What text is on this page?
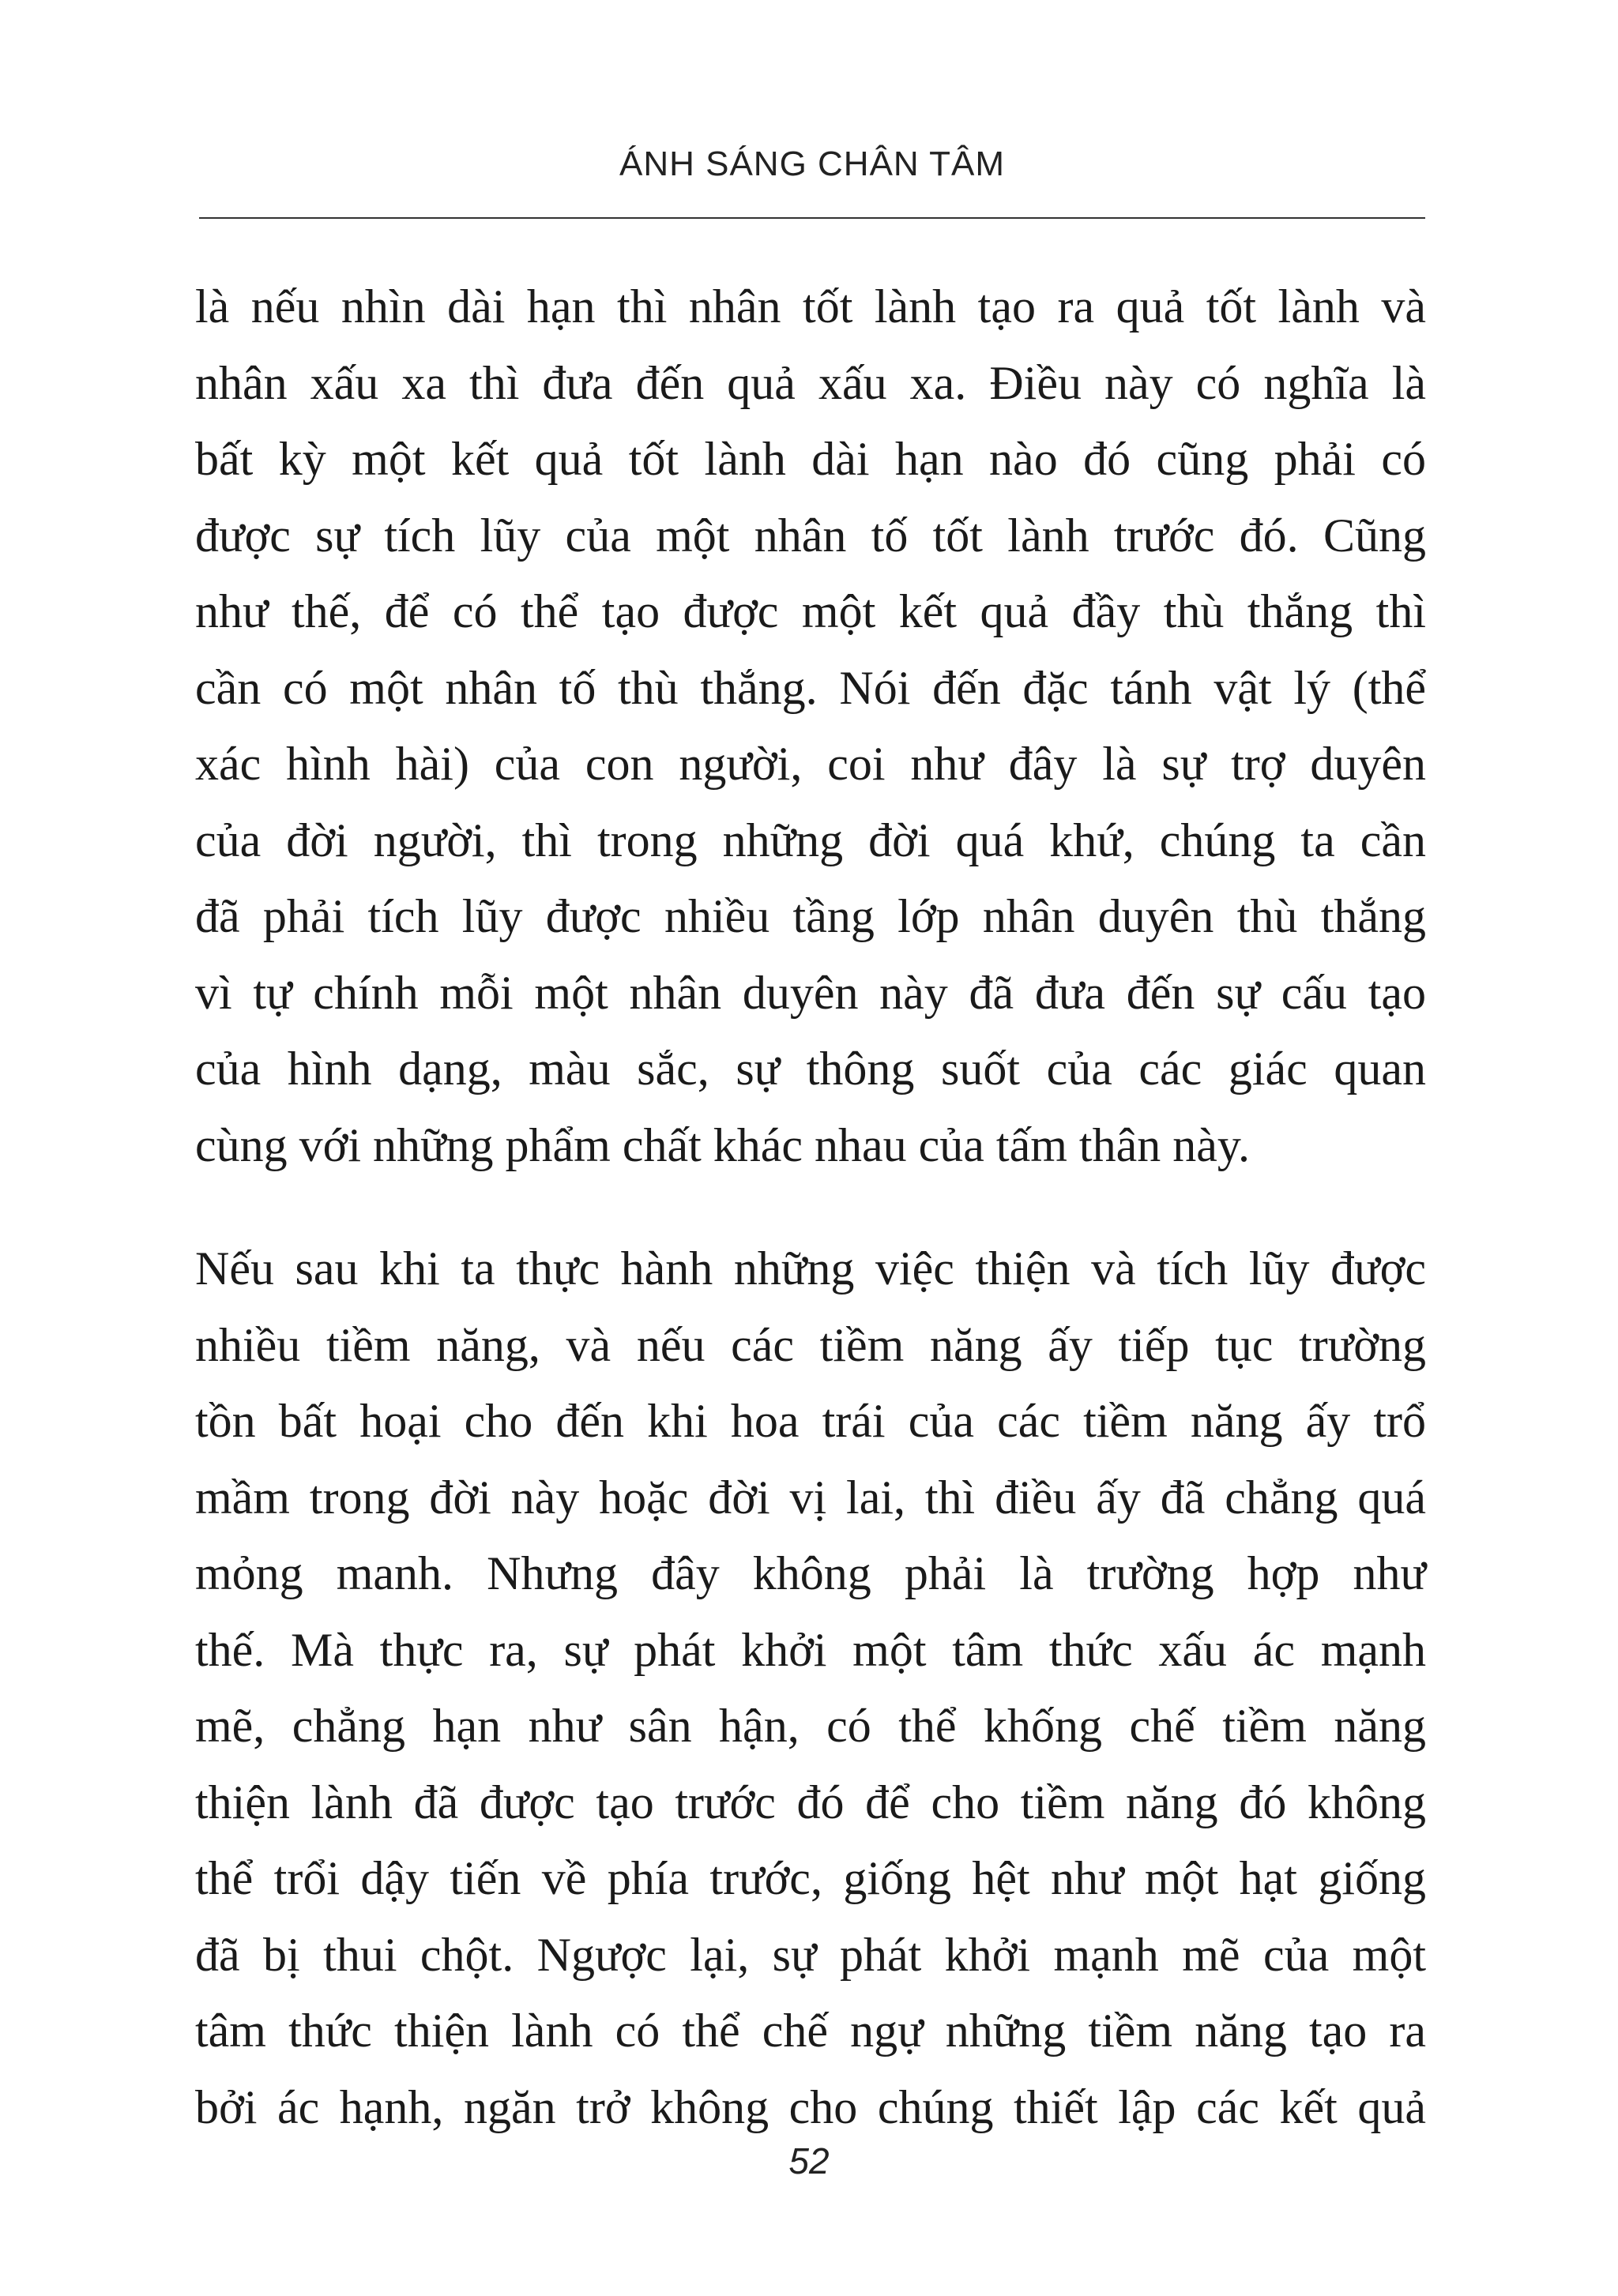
ÁNH SÁNG CHÂN TÂM
là nếu nhìn dài hạn thì nhân tốt lành tạo ra quả tốt lành và
nhân xấu xa thì đưa đến quả xấu xa. Điều này có nghĩa là
bất kỳ một kết quả tốt lành dài hạn nào đó cũng phải có
được sự tích lũy của một nhân tố tốt lành trước đó. Cũng
như thế, để có thể tạo được một kết quả đầy thù thắng thì
cần có một nhân tố thù thắng. Nói đến đặc tánh vật lý (thể
xác hình hài) của con người, coi như đây là sự trợ duyên
của đời người, thì trong những đời quá khứ, chúng ta cần
đã phải tích lũy được nhiều tầng lớp nhân duyên thù thắng
vì tự chính mỗi một nhân duyên này đã đưa đến sự cấu tạo
của hình dạng, màu sắc, sự thông suốt của các giác quan
cùng với những phẩm chất khác nhau của tấm thân này.
Nếu sau khi ta thực hành những việc thiện và tích lũy được
nhiều tiềm năng, và nếu các tiềm năng ấy tiếp tục trường
tồn bất hoại cho đến khi hoa trái của các tiềm năng ấy trổ
mầm trong đời này hoặc đời vị lai, thì điều ấy đã chẳng quá
mỏng manh. Nhưng đây không phải là trường hợp như
thế. Mà thực ra, sự phát khởi một tâm thức xấu ác mạnh
mẽ, chẳng hạn như sân hận, có thể khống chế tiềm năng
thiện lành đã được tạo trước đó để cho tiềm năng đó không
thể trổi dậy tiến về phía trước, giống hệt như một hạt giống
đã bị thui chột. Ngược lại, sự phát khởi mạnh mẽ của một
tâm thức thiện lành có thể chế ngự những tiềm năng tạo ra
bởi ác hạnh, ngăn trở không cho chúng thiết lập các kết quả
52
